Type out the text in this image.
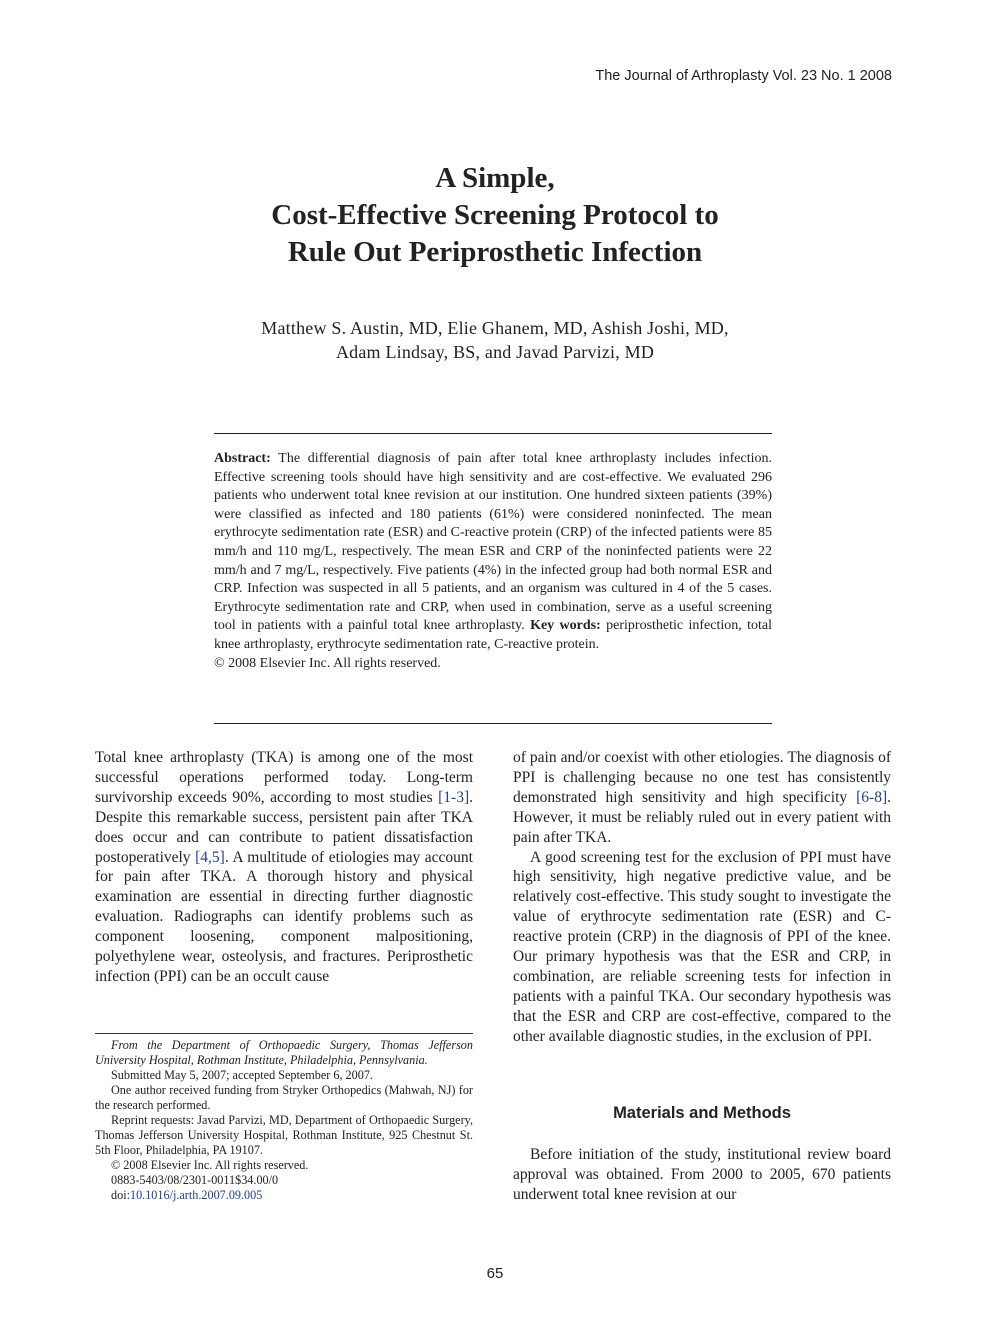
The Journal of Arthroplasty Vol. 23 No. 1 2008
A Simple,
Cost-Effective Screening Protocol to
Rule Out Periprosthetic Infection
Matthew S. Austin, MD, Elie Ghanem, MD, Ashish Joshi, MD,
Adam Lindsay, BS, and Javad Parvizi, MD

Abstract: The differential diagnosis of pain after total knee arthroplasty includes infection. Effective screening tools should have high sensitivity and are cost-effective. We evaluated 296 patients who underwent total knee revision at our institution. One hundred sixteen patients (39%) were classified as infected and 180 patients (61%) were considered noninfected. The mean erythrocyte sedimentation rate (ESR) and C-reactive protein (CRP) of the infected patients were 85 mm/h and 110 mg/L, respectively. The mean ESR and CRP of the noninfected patients were 22 mm/h and 7 mg/L, respectively. Five patients (4%) in the infected group had both normal ESR and CRP. Infection was suspected in all 5 patients, and an organism was cultured in 4 of the 5 cases. Erythrocyte sedimentation rate and CRP, when used in combination, serve as a useful screening tool in patients with a painful total knee arthroplasty. Key words: periprosthetic infection, total knee arthroplasty, erythrocyte sedimentation rate, C-reactive protein.

© 2008 Elsevier Inc. All rights reserved.

Total knee arthroplasty (TKA) is among one of the most successful operations performed today. Long-term survivorship exceeds 90%, according to most studies [1-3]. Despite this remarkable success, persistent pain after TKA does occur and can contribute to patient dissatisfaction postoperatively [4,5]. A multitude of etiologies may account for pain after TKA. A thorough history and physical examination are essential in directing further diagnostic evaluation. Radiographs can identify problems such as component loosening, component malpositioning, polyethylene wear, osteolysis, and fractures. Periprosthetic infection (PPI) can be an occult cause

From the Department of Orthopaedic Surgery, Thomas Jefferson University Hospital, Rothman Institute, Philadelphia, Pennsylvania.

Submitted May 5, 2007; accepted September 6, 2007.

One author received funding from Stryker Orthopedics (Mahwah, NJ) for the research performed.

Reprint requests: Javad Parvizi, MD, Department of Orthopaedic Surgery, Thomas Jefferson University Hospital, Rothman Institute, 925 Chestnut St. 5th Floor, Philadelphia, PA 19107.

© 2008 Elsevier Inc. All rights reserved.

0883-5403/08/2301-0011$34.00/0

doi:10.1016/j.arth.2007.09.005

of pain and/or coexist with other etiologies. The diagnosis of PPI is challenging because no one test has consistently demonstrated high sensitivity and high specificity [6-8]. However, it must be reliably ruled out in every patient with pain after TKA.

A good screening test for the exclusion of PPI must have high sensitivity, high negative predictive value, and be relatively cost-effective. This study sought to investigate the value of erythrocyte sedimentation rate (ESR) and C-reactive protein (CRP) in the diagnosis of PPI of the knee. Our primary hypothesis was that the ESR and CRP, in combination, are reliable screening tests for infection in patients with a painful TKA. Our secondary hypothesis was that the ESR and CRP are cost-effective, compared to the other available diagnostic studies, in the exclusion of PPI.

Materials and Methods

Before initiation of the study, institutional review board approval was obtained. From 2000 to 2005, 670 patients underwent total knee revision at our

65
